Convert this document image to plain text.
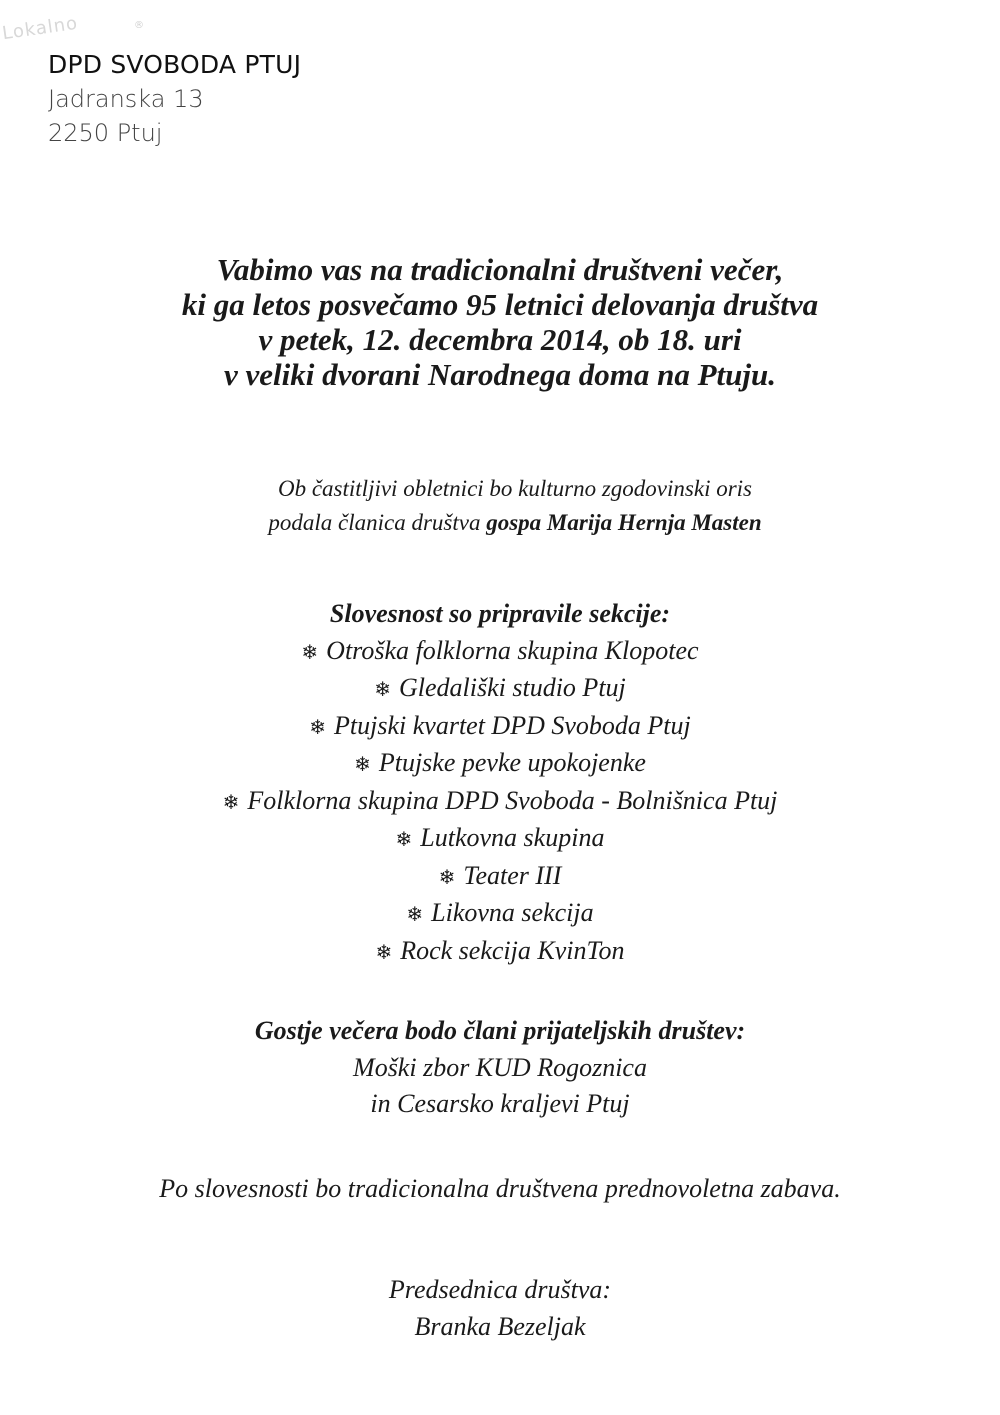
Lokalno	®
DPD SVOBODA PTUJ
Jadranska 13
2250 Ptuj
Vabimo vas na tradicionalni društveni večer,
ki ga letos posvečamo 95 letnici delovanja društva
v petek, 12. decembra 2014, ob 18. uri
v veliki dvorani Narodnega doma na Ptuju.
Ob častitljivi obletnici bo kulturno zgodovinski oris
podala članica društva gospa Marija Hernja Masten
Slovesnost so pripravile sekcije:
❄ Otroška folklorna skupina Klopotec
❄ Gledališki studio Ptuj
❄ Ptujski kvartet DPD Svoboda Ptuj
❄ Ptujske pevke upokojenke
❄ Folklorna skupina DPD Svoboda - Bolnišnica Ptuj
❄ Lutkovna skupina
❄ Teater III
❄ Likovna sekcija
❄ Rock sekcija KvinTon
Gostje večera bodo člani prijateljskih društev:
Moški zbor KUD Rogoznica
in Cesarsko kraljevi Ptuj
Po slovesnosti bo tradicionalna društvena prednovoletna zabava.
Predsednica društva:
Branka Bezeljak
